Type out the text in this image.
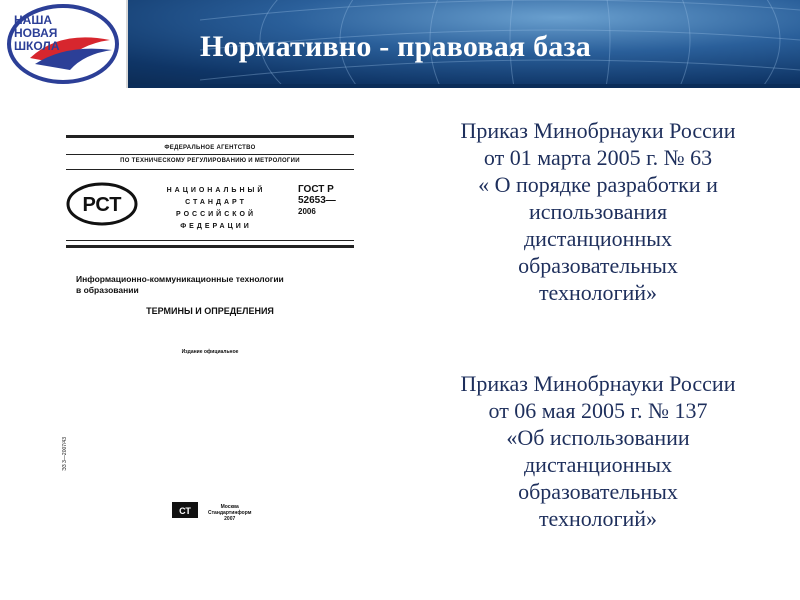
НАША
НОВАЯ
ШКОЛА	Нормативно - правовая база
ФЕДЕРАЛЬНОЕ АГЕНТСТВО
ПО ТЕХНИЧЕСКОМУ РЕГУЛИРОВАНИЮ И МЕТРОЛОГИИ
РСТ
НАЦИОНАЛЬНЫЙ
СТАНДАРТ
РОССИЙСКОЙ
ФЕДЕРАЦИИ
ГОСТ Р
52653—
2006
Информационно-коммуникационные технологии
в образовании
ТЕРМИНЫ И ОПРЕДЕЛЕНИЯ
Издание официальное
ЭЗ 3—2007/43
СТ	Москва
Стандартинформ
2007
Приказ Минобрнауки России
от 01 марта 2005 г. № 63
« О порядке разработки и
использования
дистанционных
образовательных
технологий»
Приказ Минобрнауки России
от 06 мая 2005 г. № 137
«Об использовании
дистанционных
образовательных
технологий»
